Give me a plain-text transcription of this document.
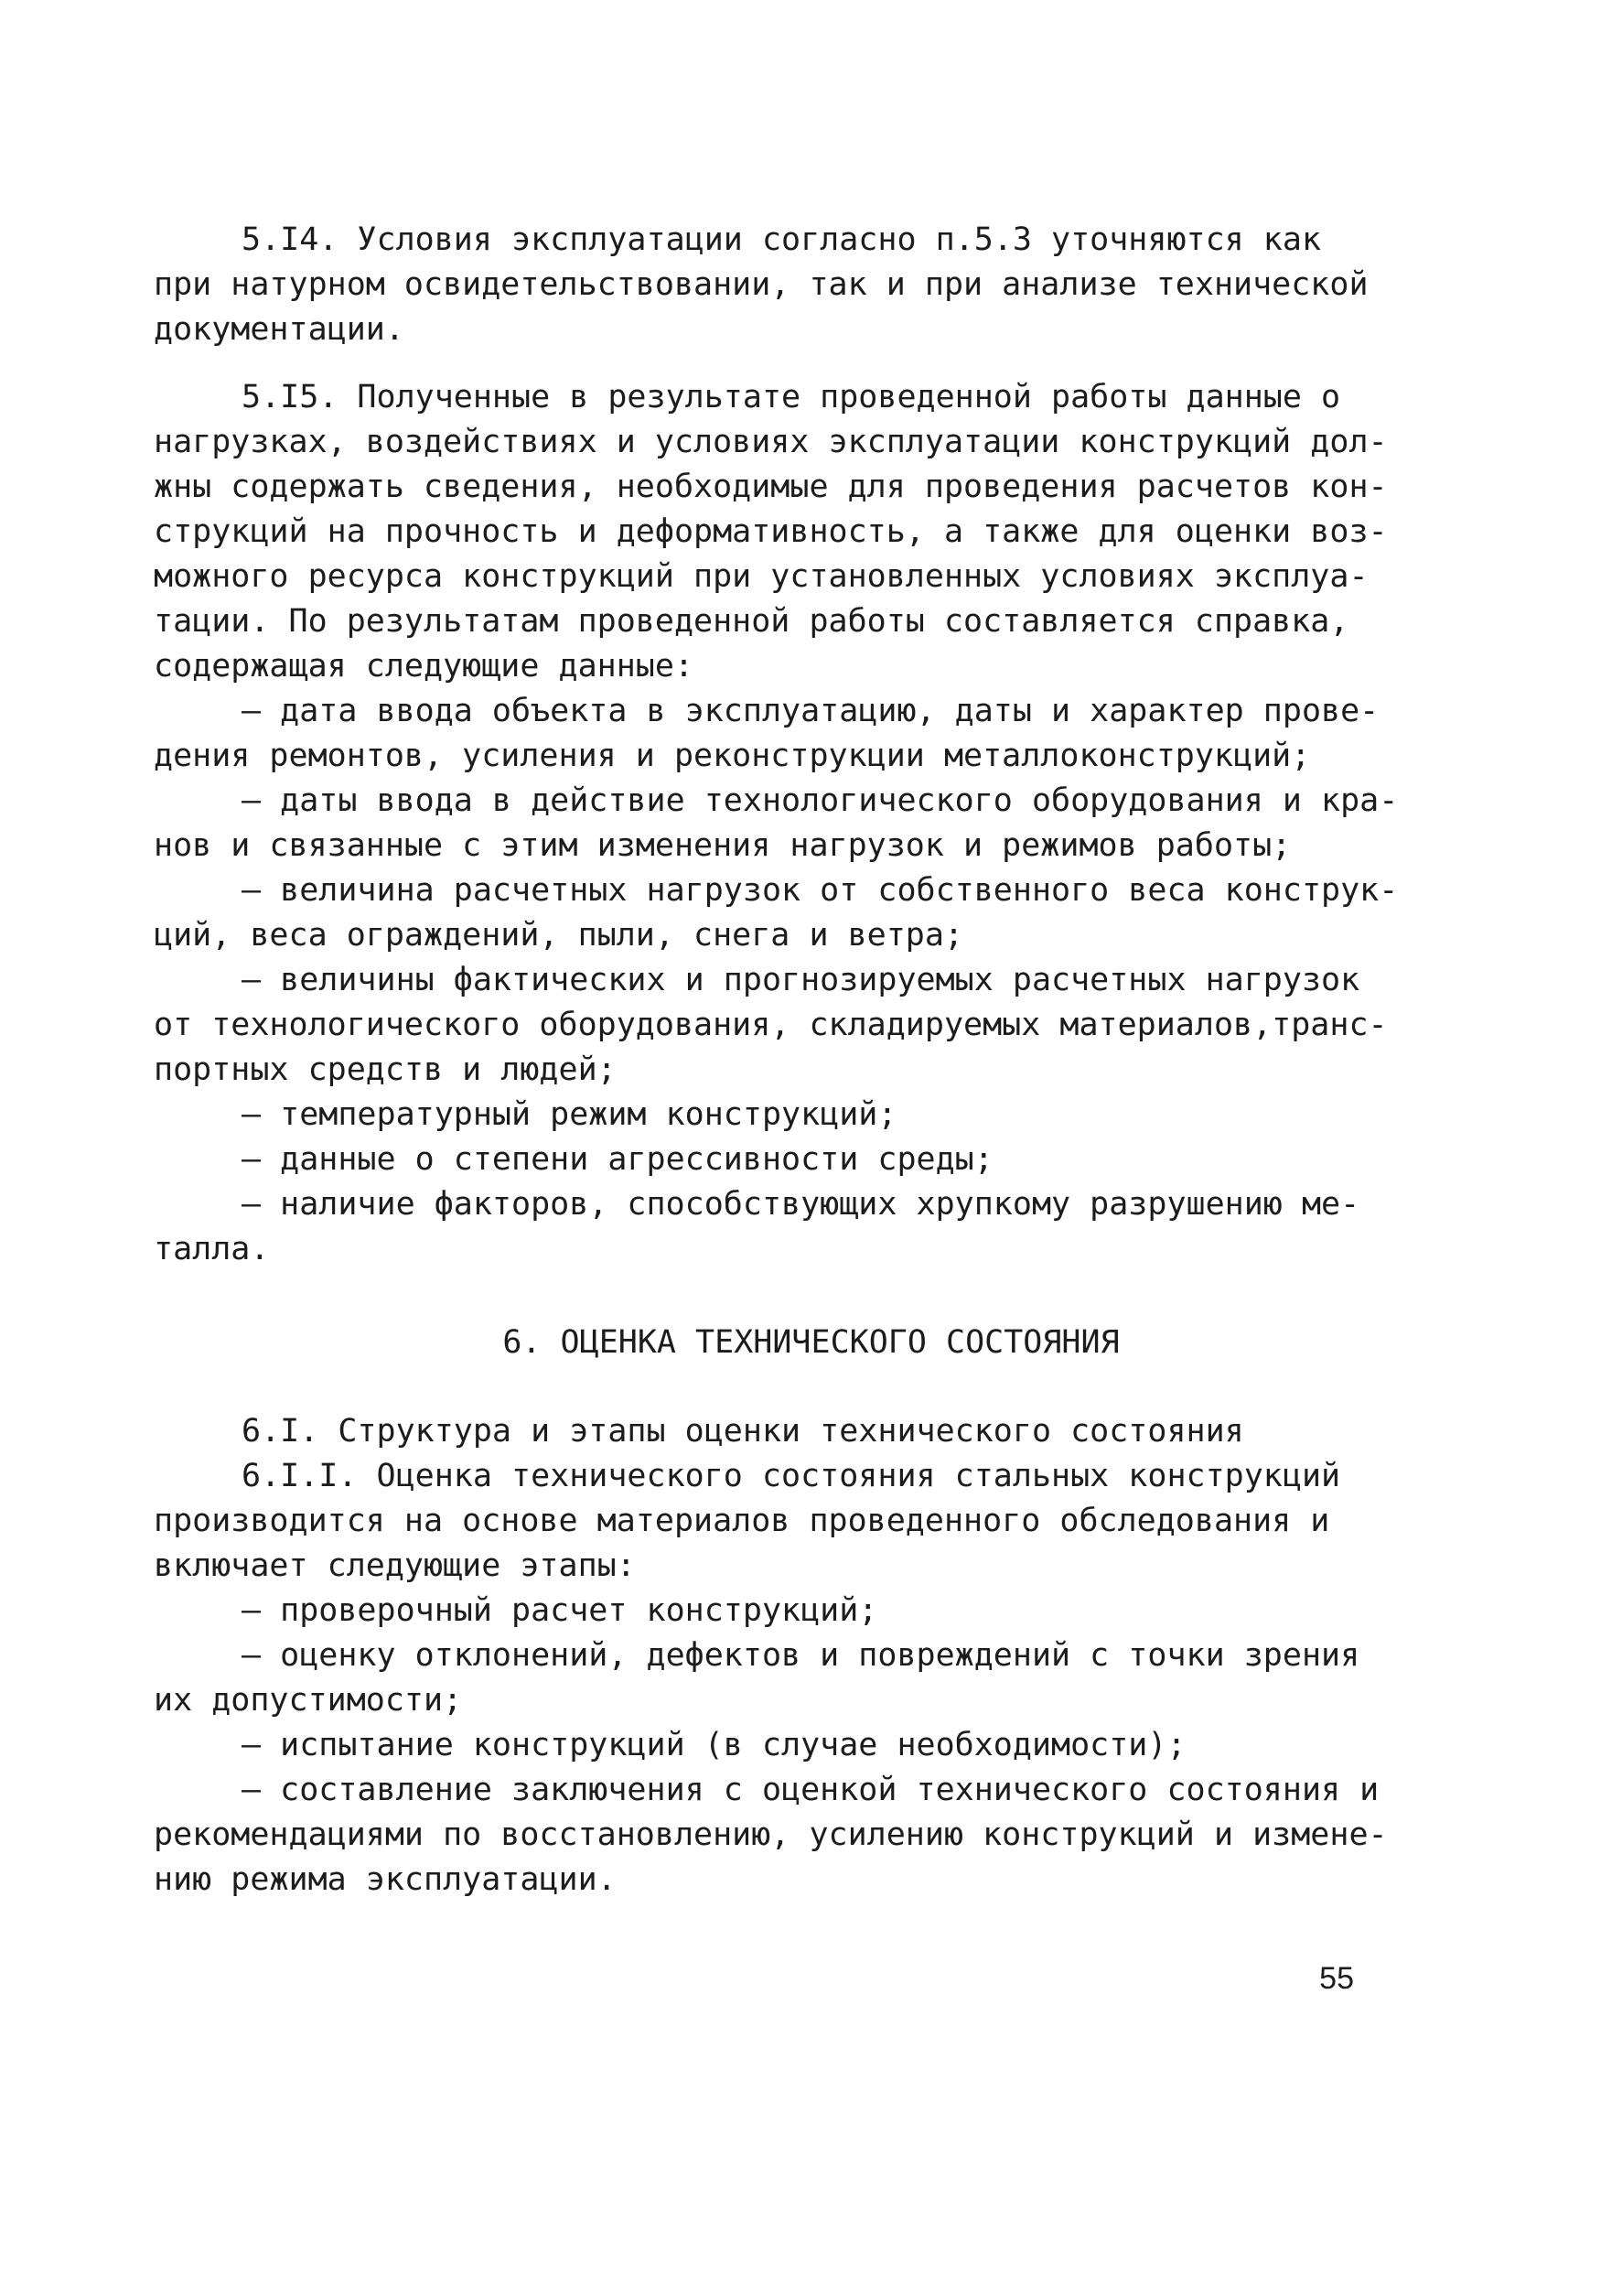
5.I4. Условия эксплуатации согласно п.5.3 уточняются как
при натурном освидетельствовании, так и при анализе технической
документации.
5.I5. Полученные в результате проведенной работы данные о
нагрузках, воздействиях и условиях эксплуатации конструкций дол-
жны содержать сведения, необходимые для проведения расчетов кон-
струкций на прочность и деформативность, а также для оценки воз-
можного ресурса конструкций при установленных условиях эксплуа-
тации. По результатам проведенной работы составляется справка,
содержащая следующие данные:
– дата ввода объекта в эксплуатацию, даты и характер прове-
дения ремонтов, усиления и реконструкции металлоконструкций;
– даты ввода в действие технологического оборудования и кра-
нов и связанные с этим изменения нагрузок и режимов работы;
– величина расчетных нагрузок от собственного веса конструк-
ций, веса ограждений, пыли, снега и ветра;
– величины фактических и прогнозируемых расчетных нагрузок
от технологического оборудования, складируемых материалов,транс-
портных средств и людей;
– температурный режим конструкций;
– данные о степени агрессивности среды;
– наличие факторов, способствующих хрупкому разрушению ме-
талла.
6. ОЦЕНКА ТЕХНИЧЕСКОГО СОСТОЯНИЯ
6.I. Структура и этапы оценки технического состояния
6.I.I. Оценка технического состояния стальных конструкций
производится на основе материалов проведенного обследования и
включает следующие этапы:
– проверочный расчет конструкций;
– оценку отклонений, дефектов и повреждений с точки зрения
их допустимости;
– испытание конструкций (в случае необходимости);
– составление заключения с оценкой технического состояния и
рекомендациями по восстановлению, усилению конструкций и измене-
нию режима эксплуатации.
55
